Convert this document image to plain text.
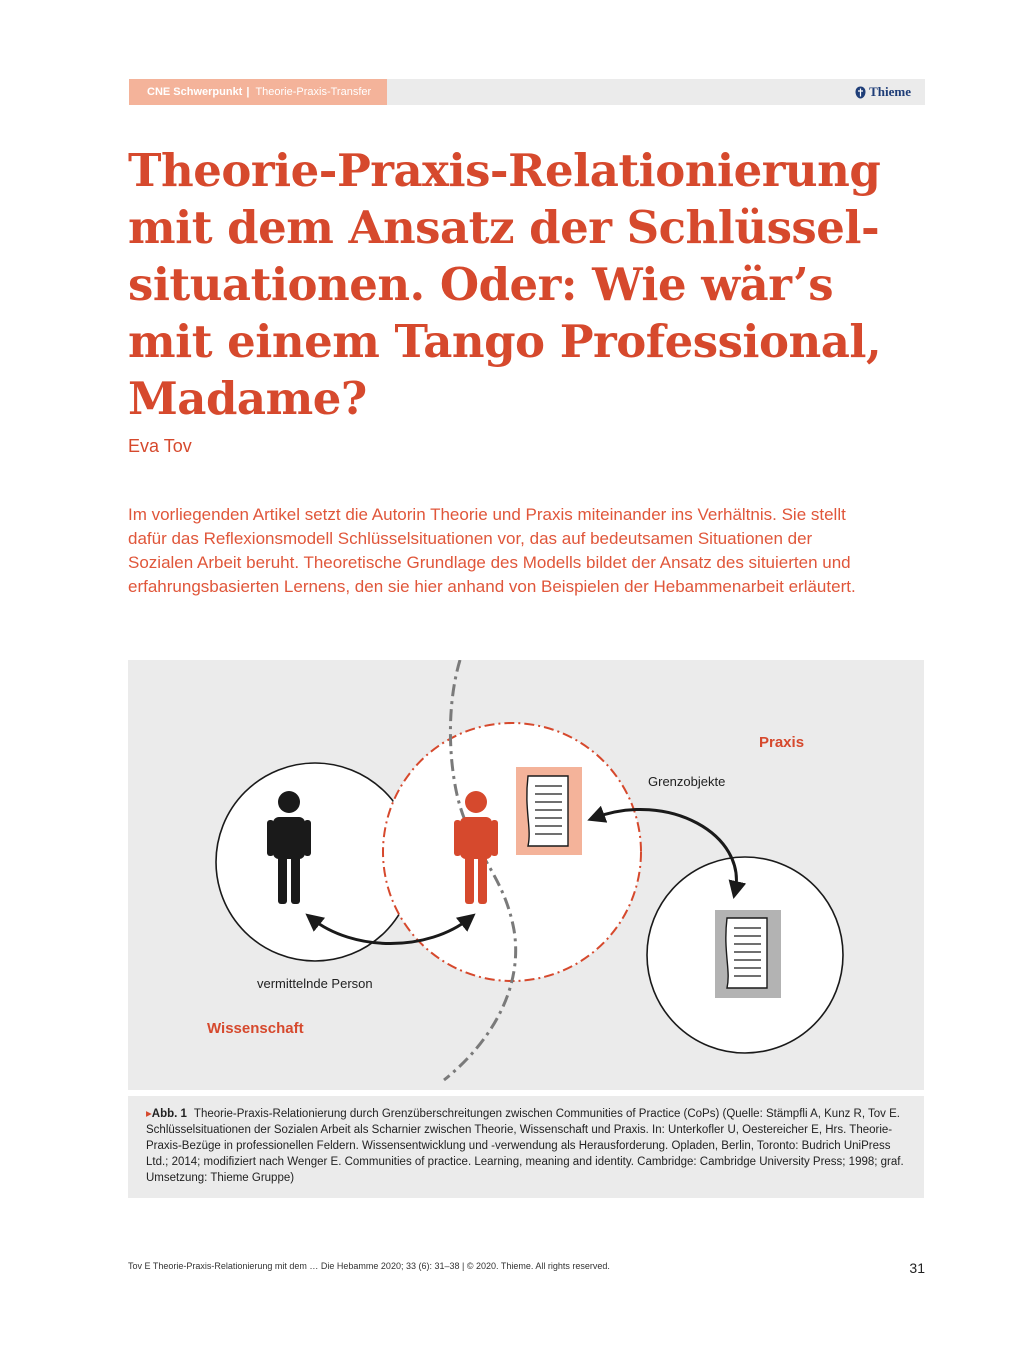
CNE Schwerpunkt | Theorie-Praxis-Transfer	Thieme
Theorie-Praxis-Relationierung
mit dem Ansatz der Schlüssel-
situationen. Oder: Wie wär’s
mit einem Tango Professional,
Madame?
Eva Tov

Im vorliegenden Artikel setzt die Autorin Theorie und Praxis miteinander ins Verhältnis. Sie stellt dafür das Reflexionsmodell Schlüsselsituationen vor, das auf bedeutsamen Situationen der Sozialen Arbeit beruht. Theoretische Grundlage des Modells bildet der Ansatz des situierten und erfahrungsbasierten Lernens, den sie hier anhand von Beispielen der Hebammenarbeit erläutert.

Praxis
Grenzobjekte
vermittelnde Person
Wissenschaft
▸Abb. 1 Theorie-Praxis-Relationierung durch Grenzüberschreitungen zwischen Communities of Practice (CoPs) (Quelle: Stämpfli A, Kunz R, Tov E. Schlüsselsituationen der Sozialen Arbeit als Scharnier zwischen Theorie, Wissenschaft und Praxis. In: Unterkofler U, Oestereicher E, Hrs. Theorie-Praxis-Bezüge in professionellen Feldern. Wissensentwicklung und -verwendung als Herausforderung. Opladen, Berlin, Toronto: Budrich UniPress Ltd.; 2014; modifiziert nach Wenger E. Communities of practice. Learning, meaning and identity. Cambridge: Cambridge University Press; 1998; graf. Umsetzung: Thieme Gruppe)
Tov E Theorie-Praxis-Relationierung mit dem … Die Hebamme 2020; 33 (6): 31–38 | © 2020. Thieme. All rights reserved.	31
